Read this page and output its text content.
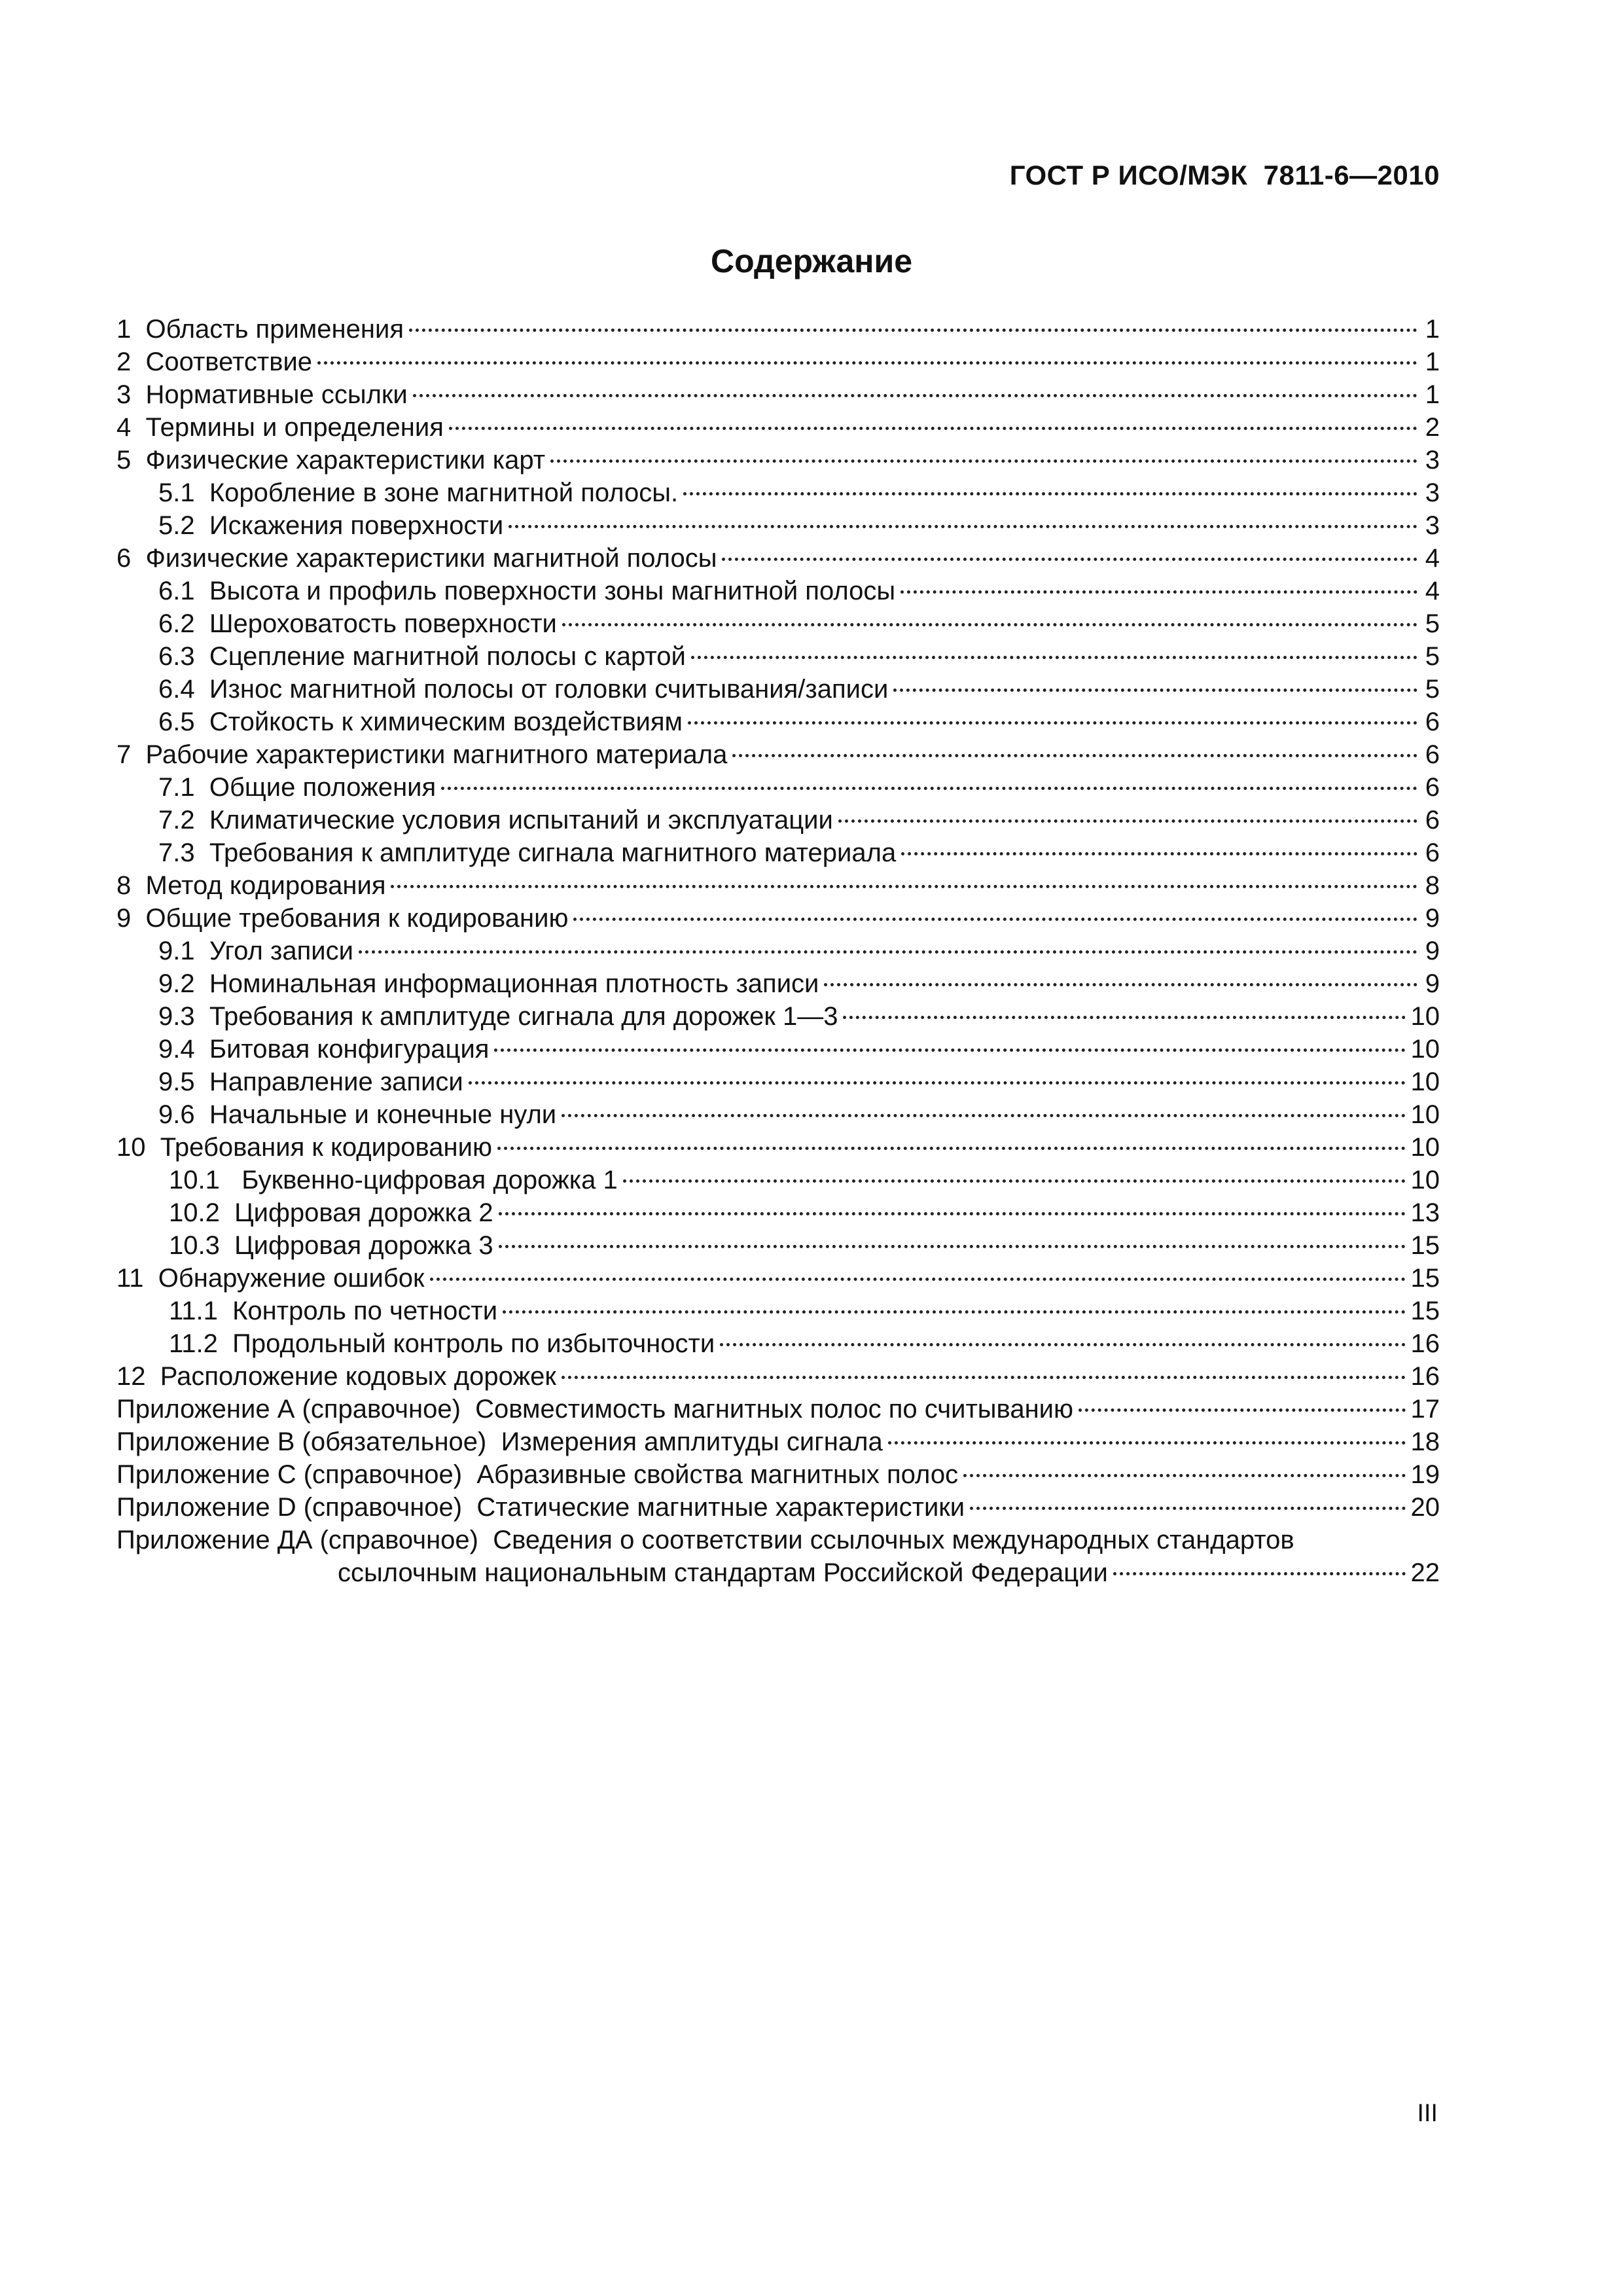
ГОСТ Р ИСО/МЭК  7811-6—2010
Содержание
1  Область применения	1
2  Соответствие	1
3  Нормативные ссылки	1
4  Термины и определения	2
5  Физические характеристики карт	3
5.1  Коробление в зоне магнитной полосы.	3
5.2  Искажения поверхности	3
6  Физические характеристики магнитной полосы	4
6.1  Высота и профиль поверхности зоны магнитной полосы	4
6.2  Шероховатость поверхности	5
6.3  Сцепление магнитной полосы с картой	5
6.4  Износ магнитной полосы от головки считывания/записи	5
6.5  Стойкость к химическим воздействиям	6
7  Рабочие характеристики магнитного материала	6
7.1  Общие положения	6
7.2  Климатические условия испытаний и эксплуатации	6
7.3  Требования к амплитуде сигнала магнитного материала	6
8  Метод кодирования	8
9  Общие требования к кодированию	9
9.1  Угол записи	9
9.2  Номинальная информационная плотность записи	9
9.3  Требования к амплитуде сигнала для дорожек 1—3	10
9.4  Битовая конфигурация	10
9.5  Направление записи	10
9.6  Начальные и конечные нули	10
10  Требования к кодированию	10
10.1   Буквенно-цифровая дорожка 1	10
10.2  Цифровая дорожка 2	13
10.3  Цифровая дорожка 3	15
11  Обнаружение ошибок	15
11.1  Контроль по четности	15
11.2  Продольный контроль по избыточности	16
12  Расположение кодовых дорожек	16
Приложение А (справочное)  Совместимость магнитных полос по считыванию	17
Приложение В (обязательное)  Измерения амплитуды сигнала	18
Приложение С (справочное)  Абразивные свойства магнитных полос	19
Приложение D (справочное)  Статические магнитные характеристики	20
Приложение ДА (справочное)  Сведения о соответствии ссылочных международных стандартов
ссылочным национальным стандартам Российской Федерации	22
III
